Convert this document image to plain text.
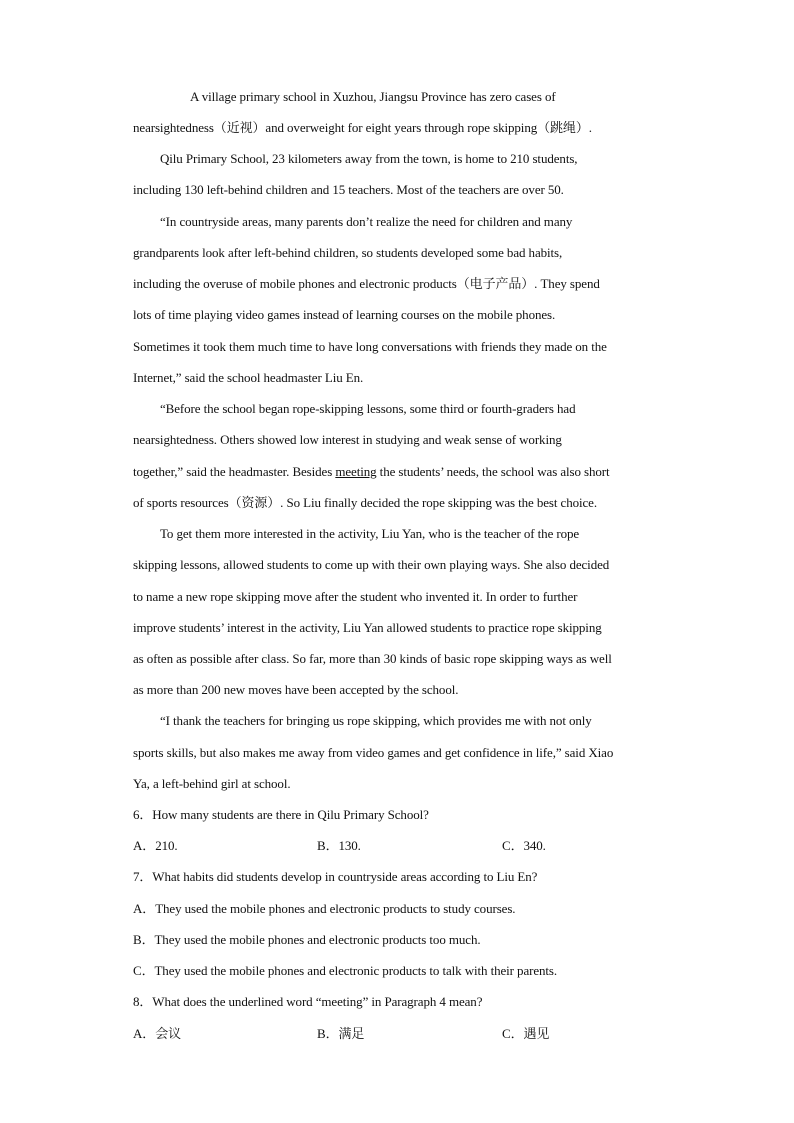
A village primary school in Xuzhou, Jiangsu Province has zero cases of
nearsightedness（近视）and overweight for eight years through rope skipping（跳绳）.
Qilu Primary School, 23 kilometers away from the town, is home to 210 students,
including 130 left-behind children and 15 teachers. Most of the teachers are over 50.
“In countryside areas, many parents don’t realize the need for children and many
grandparents look after left-behind children, so students developed some bad habits,
including the overuse of mobile phones and electronic products（电子产品）. They spend
lots of time playing video games instead of learning courses on the mobile phones.
Sometimes it took them much time to have long conversations with friends they made on the
Internet,” said the school headmaster Liu En.
“Before the school began rope-skipping lessons, some third or fourth-graders had
nearsightedness. Others showed low interest in studying and weak sense of working
together,” said the headmaster. Besides meeting the students’ needs, the school was also short
of sports resources（资源）. So Liu finally decided the rope skipping was the best choice.
To get them more interested in the activity, Liu Yan, who is the teacher of the rope
skipping lessons, allowed students to come up with their own playing ways. She also decided
to name a new rope skipping move after the student who invented it. In order to further
improve students’ interest in the activity, Liu Yan allowed students to practice rope skipping
as often as possible after class. So far, more than 30 kinds of basic rope skipping ways as well
as more than 200 new moves have been accepted by the school.
“I thank the teachers for bringing us rope skipping, which provides me with not only
sports skills, but also makes me away from video games and get confidence in life,” said Xiao
Ya, a left-behind girl at school.
6．How many students are there in Qilu Primary School?
A．210.	B．130.	C．340.
7．What habits did students develop in countryside areas according to Liu En?
A．They used the mobile phones and electronic products to study courses.
B．They used the mobile phones and electronic products too much.
C．They used the mobile phones and electronic products to talk with their parents.
8．What does the underlined word “meeting” in Paragraph 4 mean?
A．会议	B．满足	C．遇见
